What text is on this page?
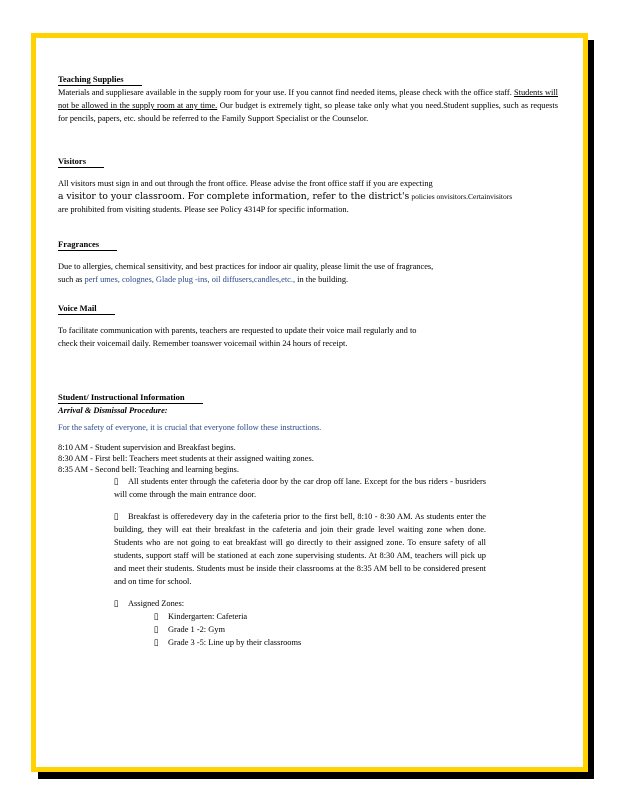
Teaching Supplies

Materials and suppliesare available in the supply room for your use. If you cannot find needed items, please check with the office staff. Students will not be allowed in the supply room at any time. Our budget is extremely tight, so please take only what you need.Student supplies, such as requests for pencils, papers, etc. should be referred to the Family Support Specialist or the Counselor.

Visitors
All visitors must sign in and out through the front office. Please advise the front office staff if you are expecting
a visitor to your classroom. For complete information, refer to the district's policies onvisitors.Certainvisitors
are prohibited from visiting students. Please see Policy 4314P for specific information.
Fragrances
Due to allergies, chemical sensitivity, and best practices for indoor air quality, please limit the use of fragrances,
such as perf umes, colognes, Glade plug -ins, oil diffusers,candles,etc., in the building.
Voice Mail
To facilitate communication with parents, teachers are requested to update their voice mail regularly and to
check their voicemail daily. Remember toanswer voicemail within 24 hours of receipt.
Student/ Instructional Information
Arrival & Dismissal Procedure:
For the safety of everyone, it is crucial that everyone follow these instructions.
8:10 AM - Student supervision and Breakfast begins.
8:30 AM - First bell: Teachers meet students at their assigned waiting zones.
8:35 AM - Second bell: Teaching and learning begins.

▯ All students enter through the cafeteria door by the car drop off lane. Except for the bus riders - busriders will come through the main entrance door.

▯ Breakfast is offeredevery day in the cafeteria prior to the first bell, 8:10 - 8:30 AM. As students enter the building, they will eat their breakfast in the cafeteria and join their grade level waiting zone when done. Students who are not going to eat breakfast will go directly to their assigned zone. To ensure safety of all students, support staff will be stationed at each zone supervising students. At 8:30 AM, teachers will pick up and meet their students. Students must be inside their classrooms at the 8:35 AM bell to be considered present and on time for school.

▯ Assigned Zones:

▯ Kindergarten: Cafeteria
▯ Grade 1 -2: Gym
▯ Grade 3 -5: Line up by their classrooms
